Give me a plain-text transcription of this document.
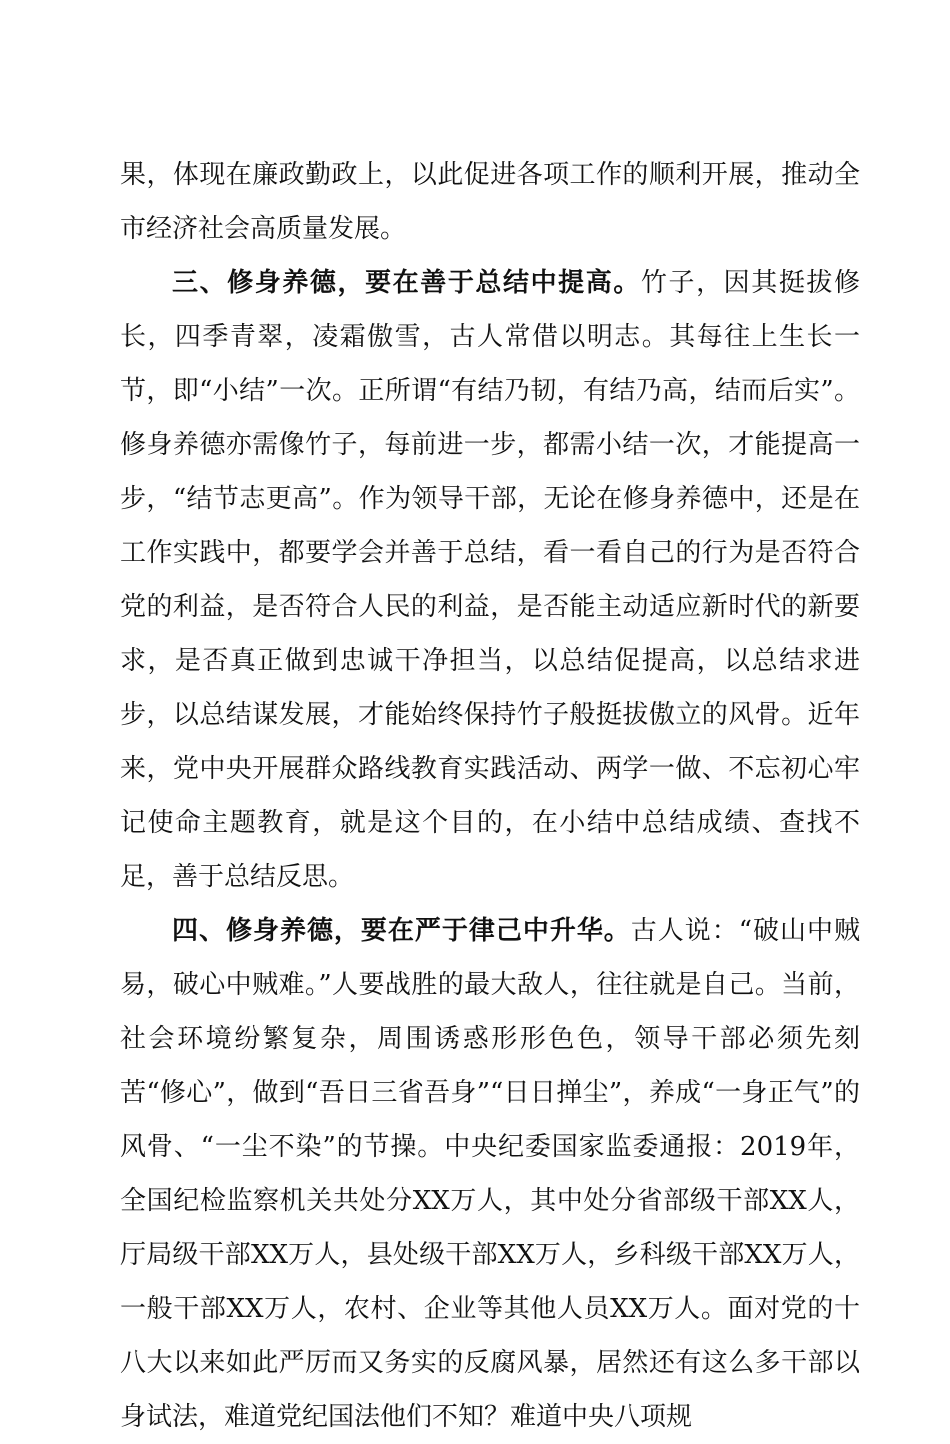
果，体现在廉政勤政上，以此促进各项工作的顺利开展，推动全市经济社会高质量发展。

三、修身养德，要在善于总结中提高。竹子，因其挺拔修长，四季青翠，凌霜傲雪，古人常借以明志。其每往上生长一节，即“小结”一次。正所谓“有结乃韧，有结乃高，结而后实”。修身养德亦需像竹子，每前进一步，都需小结一次，才能提高一步，“结节志更高”。作为领导干部，无论在修身养德中，还是在工作实践中，都要学会并善于总结，看一看自己的行为是否符合党的利益，是否符合人民的利益，是否能主动适应新时代的新要求，是否真正做到忠诚干净担当，以总结促提高，以总结求进步，以总结谋发展，才能始终保持竹子般挺拔傲立的风骨。近年来，党中央开展群众路线教育实践活动、两学一做、不忘初心牢记使命主题教育，就是这个目的，在小结中总结成绩、查找不足，善于总结反思。

四、修身养德，要在严于律己中升华。古人说：“破山中贼易，破心中贼难。”人要战胜的最大敌人，往往就是自己。当前，社会环境纷繁复杂，周围诱惑形形色色，领导干部必须先刻苦“修心”，做到“吾日三省吾身”“日日掸尘”，养成“一身正气”的风骨、“一尘不染”的节操。中央纪委国家监委通报：2019年，全国纪检监察机关共处分XX万人，其中处分省部级干部XX人，厅局级干部XX万人，县处级干部XX万人，乡科级干部XX万人，一般干部XX万人，农村、企业等其他人员XX万人。面对党的十八大以来如此严厉而又务实的反腐风暴，居然还有这么多干部以身试法，难道党纪国法他们不知？难道中央八项规
